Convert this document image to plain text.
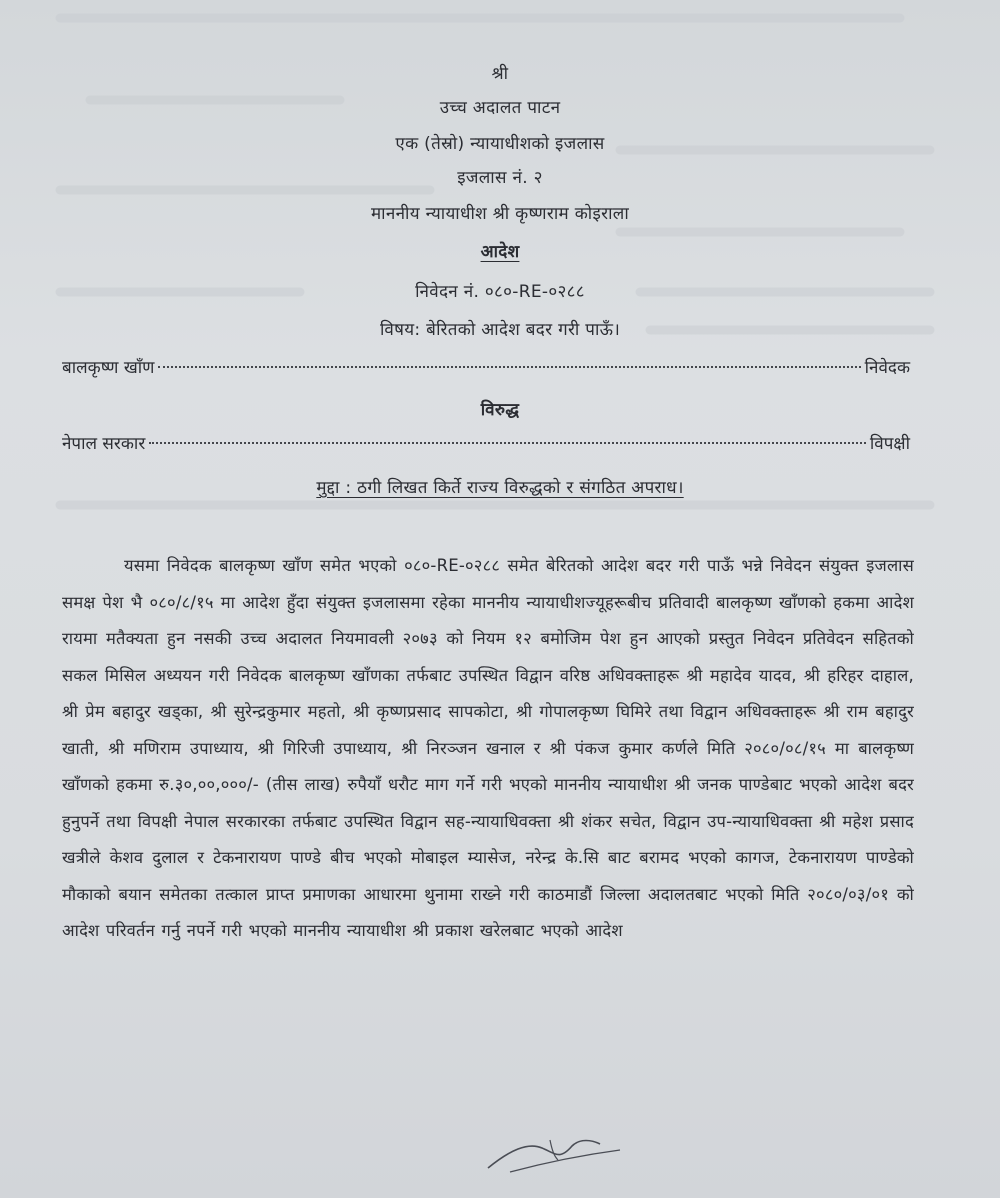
श्री
उच्च अदालत पाटन
एक (तेस्रो) न्यायाधीशको इजलास
इजलास नं. २
माननीय न्यायाधीश श्री कृष्णराम कोइराला
आदेश
निवेदन नं. ०८०-RE-०२८८
विषय: बेरितको आदेश बदर गरी पाऊँ।
बालकृष्ण खाँण	निवेदक
विरुद्ध
नेपाल सरकार	विपक्षी
मुद्दा : ठगी लिखत किर्ते राज्य विरुद्धको र संगठित अपराध।
यसमा निवेदक बालकृष्ण खाँण समेत भएको ०८०-RE-०२८८ समेत बेरितको आदेश बदर गरी पाऊँ भन्ने निवेदन संयुक्त इजलास समक्ष पेश भै ०८०/८/१५ मा आदेश हुँदा संयुक्त इजलासमा रहेका माननीय न्यायाधीशज्यूहरूबीच प्रतिवादी बालकृष्ण खाँणको हकमा आदेश रायमा मतैक्यता हुन नसकी उच्च अदालत नियमावली २०७३ को नियम १२ बमोजिम पेश हुन आएको प्रस्तुत निवेदन प्रतिवेदन सहितको सकल मिसिल अध्ययन गरी निवेदक बालकृष्ण खाँणका तर्फबाट उपस्थित विद्वान वरिष्ठ अधिवक्ताहरू श्री महादेव यादव, श्री हरिहर दाहाल, श्री प्रेम बहादुर खड्का, श्री सुरेन्द्रकुमार महतो, श्री कृष्णप्रसाद सापकोटा, श्री गोपालकृष्ण घिमिरे तथा विद्वान अधिवक्ताहरू श्री राम बहादुर खाती, श्री मणिराम उपाध्याय, श्री गिरिजी उपाध्याय, श्री निरञ्जन खनाल र श्री पंकज कुमार कर्णले मिति २०८०/०८/१५ मा बालकृष्ण खाँणको हकमा रु.३०,००,०००/- (तीस लाख) रुपैयाँ धरौट माग गर्ने गरी भएको माननीय न्यायाधीश श्री जनक पाण्डेबाट भएको आदेश बदर हुनुपर्ने तथा विपक्षी नेपाल सरकारका तर्फबाट उपस्थित विद्वान सह-न्यायाधिवक्ता श्री शंकर सचेत, विद्वान उप-न्यायाधिवक्ता श्री महेश प्रसाद खत्रीले केशव दुलाल र टेकनारायण पाण्डे बीच भएको मोबाइल म्यासेज, नरेन्द्र के.सि बाट बरामद भएको कागज, टेकनारायण पाण्डेको मौकाको बयान समेतका तत्काल प्राप्त प्रमाणका आधारमा थुनामा राख्ने गरी काठमाडौं जिल्ला अदालतबाट भएको मिति २०८०/०३/०१ को आदेश परिवर्तन गर्नु नपर्ने गरी भएको माननीय न्यायाधीश श्री प्रकाश खरेलबाट भएको आदेश
